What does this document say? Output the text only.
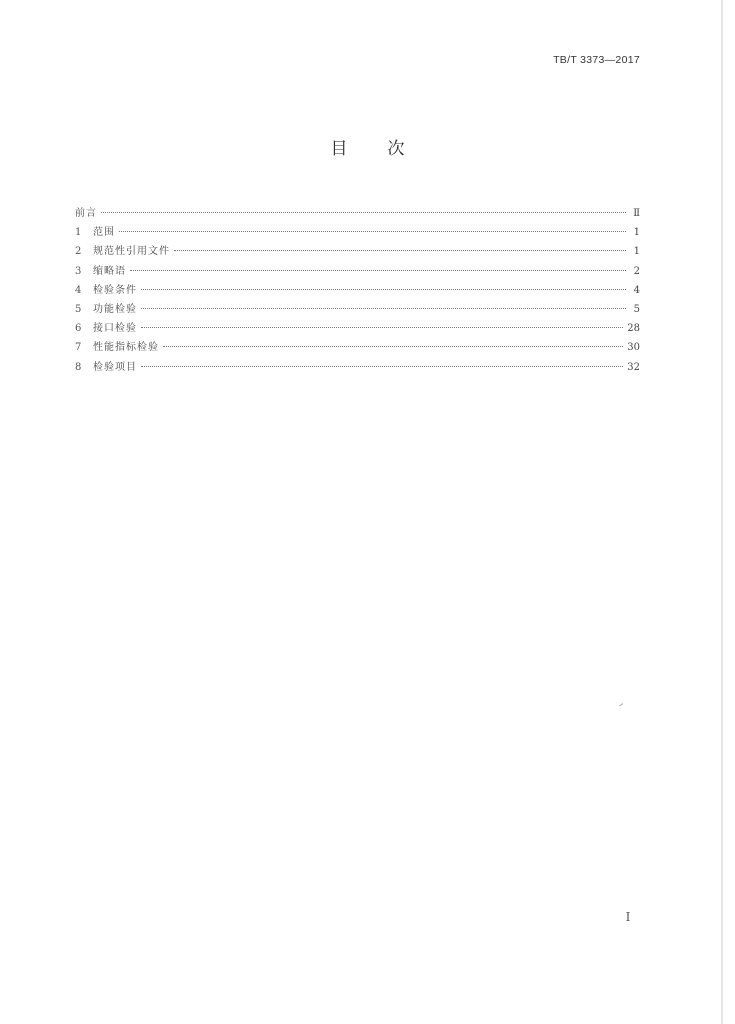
TB/T 3373—2017
目 次
前言	Ⅱ
1	范围	1
2	规范性引用文件	1
3	缩略语	2
4	检验条件	4
5	功能检验	5
6	接口检验	28
7	性能指标检验	30
8	检验项目	32
I
